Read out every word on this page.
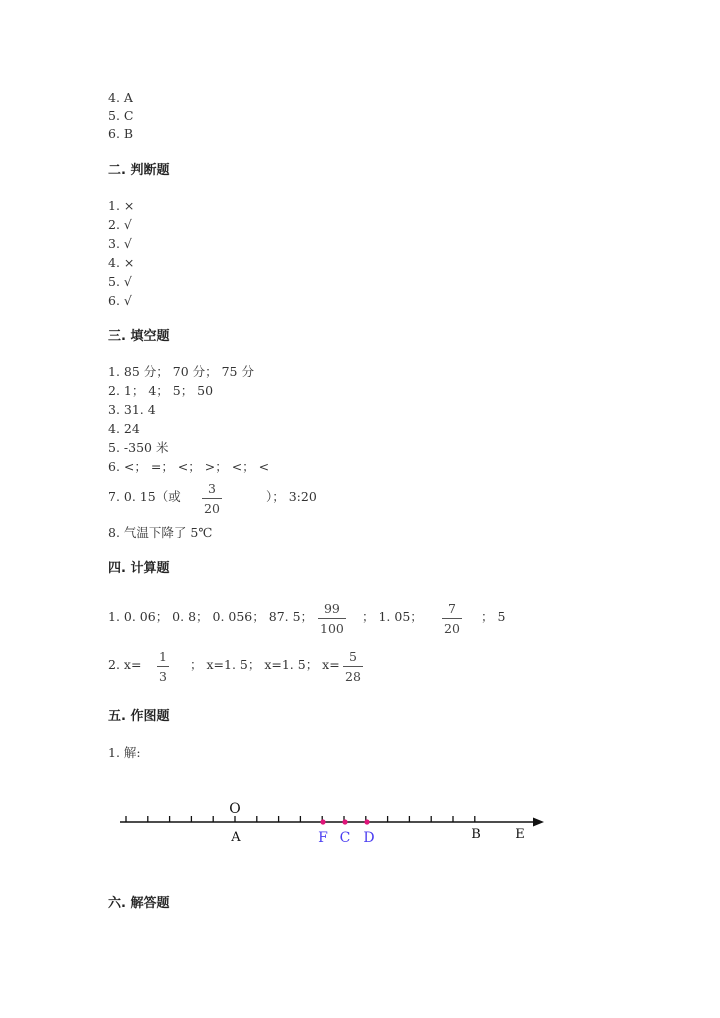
4. A
5. C
6. B
二. 判断题
1. ×
2. √
3. √
4. ×
5. √
6. √
三. 填空题
1. 85 分； 70 分； 75 分
2. 1； 4； 5； 50
3. 31. 4
4. 24
5. -350 米
6. <； =； <； >； <； <
7. 0. 15（或 $\frac{3}{20}$	）； 3:20
8. 气温下降了 5℃
四. 计算题
1. 0. 06； 0. 8； 0. 056； 87. 5； $\frac{99}{100}$ ； 1. 05； $\frac{7}{20}$ ； 5
2. $x= \frac{1}{3}$ ； x=1. 5； x=1. 5； $x= \frac{5}{28}$
五. 作图题
1. 解:
O
A	F C D	B	E
六. 解答题
